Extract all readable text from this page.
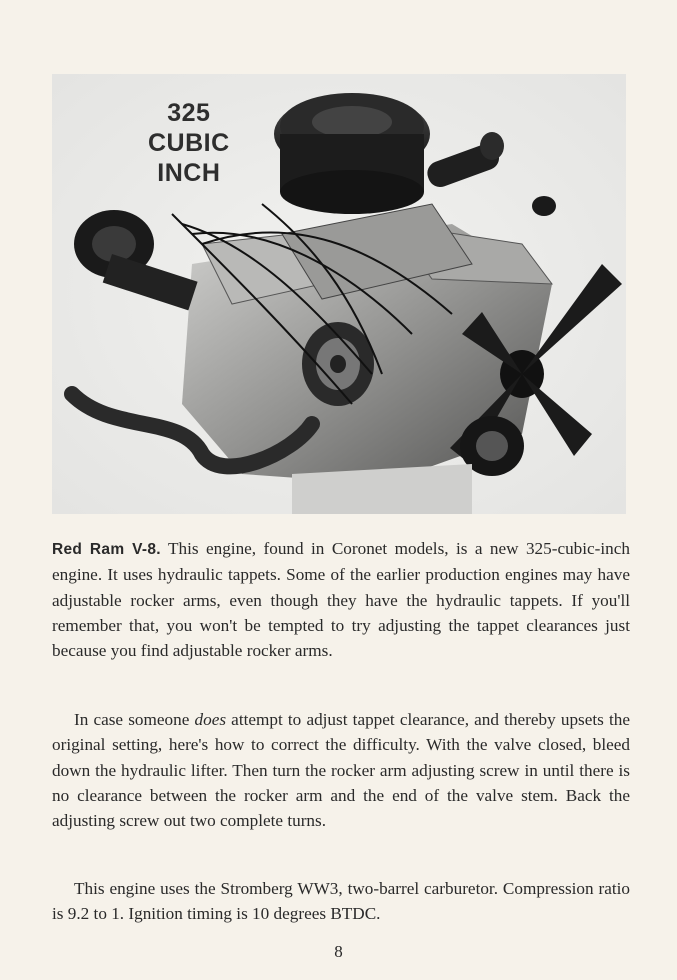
325
CUBIC
INCH
Red Ram V-8. This engine, found in Coronet models, is a new 325-cubic-inch engine. It uses hydraulic tappets. Some of the earlier production engines may have adjustable rocker arms, even though they have the hydraulic tappets. If you'll remember that, you won't be tempted to try adjusting the tappet clearances just because you find adjustable rocker arms.
In case someone does attempt to adjust tappet clearance, and thereby upsets the original setting, here's how to correct the difficulty. With the valve closed, bleed down the hydraulic lifter. Then turn the rocker arm adjusting screw in until there is no clearance between the rocker arm and the end of the valve stem. Back the adjusting screw out two complete turns.
This engine uses the Stromberg WW3, two-barrel carburetor. Compression ratio is 9.2 to 1. Ignition timing is 10 degrees BTDC.
8
